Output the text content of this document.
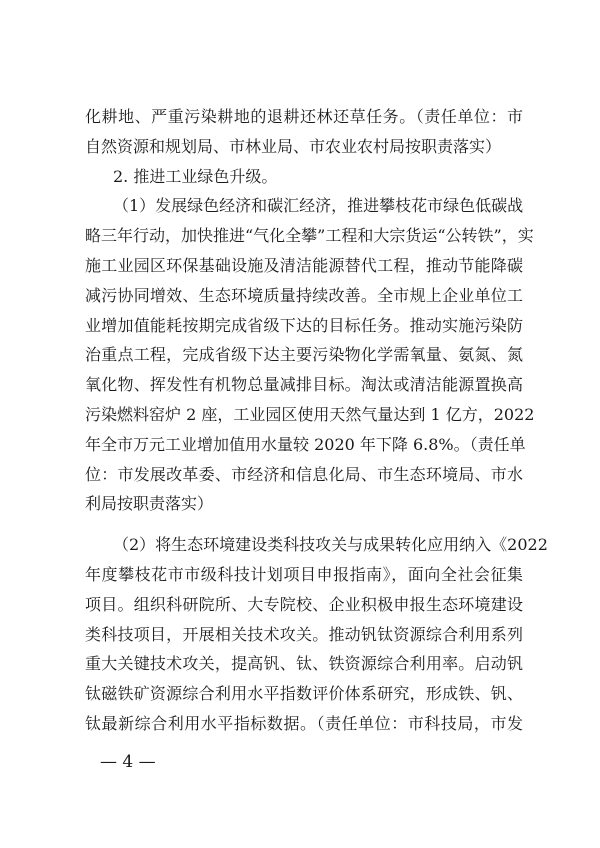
化耕地、严重污染耕地的退耕还林还草任务。（责任单位：市
自然资源和规划局、市林业局、市农业农村局按职责落实）
2. 推进工业绿色升级。
（1）发展绿色经济和碳汇经济，推进攀枝花市绿色低碳战
略三年行动，加快推进“气化全攀”工程和大宗货运“公转铁”，实
施工业园区环保基础设施及清洁能源替代工程，推动节能降碳
减污协同增效、生态环境质量持续改善。全市规上企业单位工
业增加值能耗按期完成省级下达的目标任务。推动实施污染防
治重点工程，完成省级下达主要污染物化学需氧量、氨氮、氮
氧化物、挥发性有机物总量减排目标。淘汰或清洁能源置换高
污染燃料窑炉 2 座，工业园区使用天然气量达到 1 亿方，2022
年全市万元工业增加值用水量较 2020 年下降 6.8%。（责任单
位：市发展改革委、市经济和信息化局、市生态环境局、市水
利局按职责落实）
（2）将生态环境建设类科技攻关与成果转化应用纳入《2022
年度攀枝花市市级科技计划项目申报指南》，面向全社会征集
项目。组织科研院所、大专院校、企业积极申报生态环境建设
类科技项目，开展相关技术攻关。推动钒钛资源综合利用系列
重大关键技术攻关，提高钒、钛、铁资源综合利用率。启动钒
钛磁铁矿资源综合利用水平指数评价体系研究，形成铁、钒、
钛最新综合利用水平指标数据。（责任单位：市科技局，市发
— 4 —
